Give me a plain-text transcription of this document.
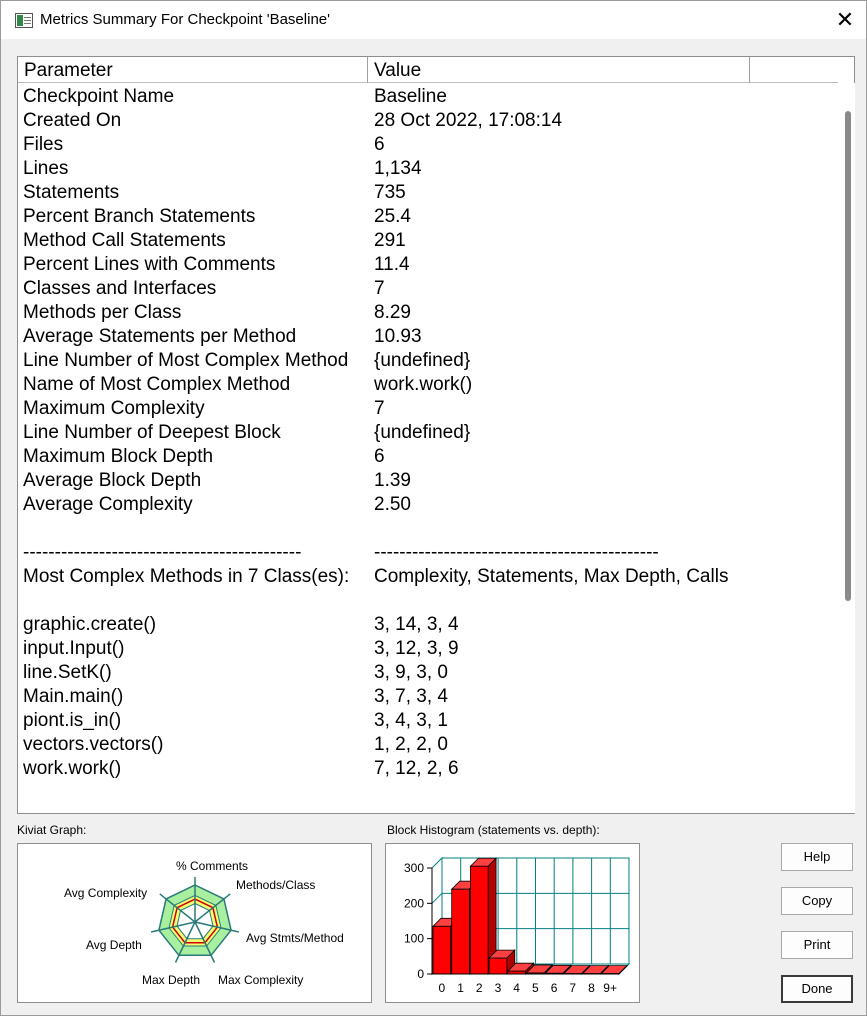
Metrics Summary For Checkpoint 'Baseline'	✕
Parameter	Value
Checkpoint Name	Baseline
Created On	28 Oct 2022, 17:08:14
Files	6
Lines	1,134
Statements	735
Percent Branch Statements	25.4
Method Call Statements	291
Percent Lines with Comments	11.4
Classes and Interfaces	7
Methods per Class	8.29
Average Statements per Method	10.93
Line Number of Most Complex Method {undefined}
Name of Most Complex Method	work.work()
Maximum Complexity	7
Line Number of Deepest Block	{undefined}
Maximum Block Depth	6
Average Block Depth	1.39
Average Complexity	2.50
--------------------------------------------	---------------------------------------------
Most Complex Methods in 7 Class(es): Complexity, Statements, Max Depth, Calls
graphic.create()	3, 14, 3, 4
input.Input()	3, 12, 3, 9
line.SetK()	3, 9, 3, 0
Main.main()	3, 7, 3, 4
piont.is_in()	3, 4, 3, 1
vectors.vectors()	1, 2, 2, 0
work.work()	7, 12, 2, 6
Kiviat Graph:	Block Histogram (statements vs. depth):
% Comments
Methods/Class
Avg Stmts/Method
Max Complexity
Max Depth
Avg Depth
Avg Complexity
0
100
200
300
0 1 2 3 4 5 6 7 8 9+
Help
Copy
Print
Done
